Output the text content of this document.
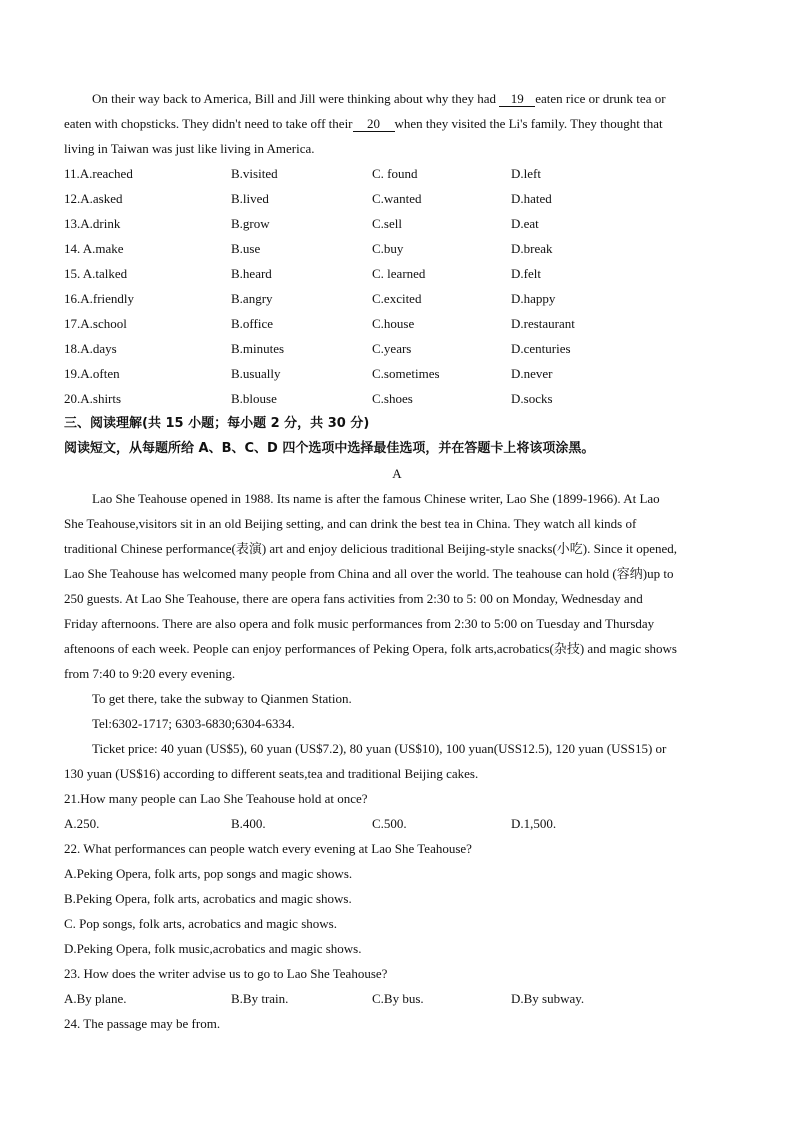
On their way back to America, Bill and Jill were thinking about why they had 19 eaten rice or drunk tea or
eaten with chopsticks. They didn't need to take off their 20 when they visited the Li's family. They thought that
living in Taiwan was just like living in America.
11.A.reached	B.visited	C. found	D.left
12.A.asked	B.lived	C.wanted	D.hated
13.A.drink	B.grow	C.sell	D.eat
14. A.make	B.use	C.buy	D.break
15. A.talked	B.heard	C. learned	D.felt
16.A.friendly	B.angry	C.excited	D.happy
17.A.school	B.office	C.house	D.restaurant
18.A.days	B.minutes	C.years	D.centuries
19.A.often	B.usually	C.sometimes	D.never
20.A.shirts	B.blouse	C.shoes	D.socks
三、阅读理解(共 15 小题；每小题 2 分，共 30 分)
阅读短文，从每题所给 A、B、C、D 四个选项中选择最佳选项，并在答题卡上将该项涂黑。
A
Lao She Teahouse opened in 1988. Its name is after the famous Chinese writer, Lao She (1899-1966). At Lao
She Teahouse,visitors sit in an old Beijing setting, and can drink the best tea in China. They watch all kinds of
traditional Chinese performance(表演) art and enjoy delicious traditional Beijing-style snacks(小吃). Since it opened,
Lao She Teahouse has welcomed many people from China and all over the world. The teahouse can hold (容纳)up to
250 guests. At Lao She Teahouse, there are opera fans activities from 2:30 to 5: 00 on Monday, Wednesday and
Friday afternoons. There are also opera and folk music performances from 2:30 to 5:00 on Tuesday and Thursday
aftenoons of each week. People can enjoy performances of Peking Opera, folk arts,acrobatics(杂技) and magic shows
from 7:40 to 9:20 every evening.
To get there, take the subway to Qianmen Station.
Tel:6302-1717; 6303-6830;6304-6334.
Ticket price: 40 yuan (US$5), 60 yuan (US$7.2), 80 yuan (US$10), 100 yuan(USS12.5), 120 yuan (USS15) or
130 yuan (US$16) according to different seats,tea and traditional Beijing cakes.
21.How many people can Lao She Teahouse hold at once?
A.250.	B.400.	C.500.	D.1,500.
22. What performances can people watch every evening at Lao She Teahouse?
A.Peking Opera, folk arts, pop songs and magic shows.
B.Peking Opera, folk arts, acrobatics and magic shows.
C. Pop songs, folk arts, acrobatics and magic shows.
D.Peking Opera, folk music,acrobatics and magic shows.
23. How does the writer advise us to go to Lao She Teahouse?
A.By plane.	B.By train.	C.By bus.	D.By subway.
24. The passage may be from.
